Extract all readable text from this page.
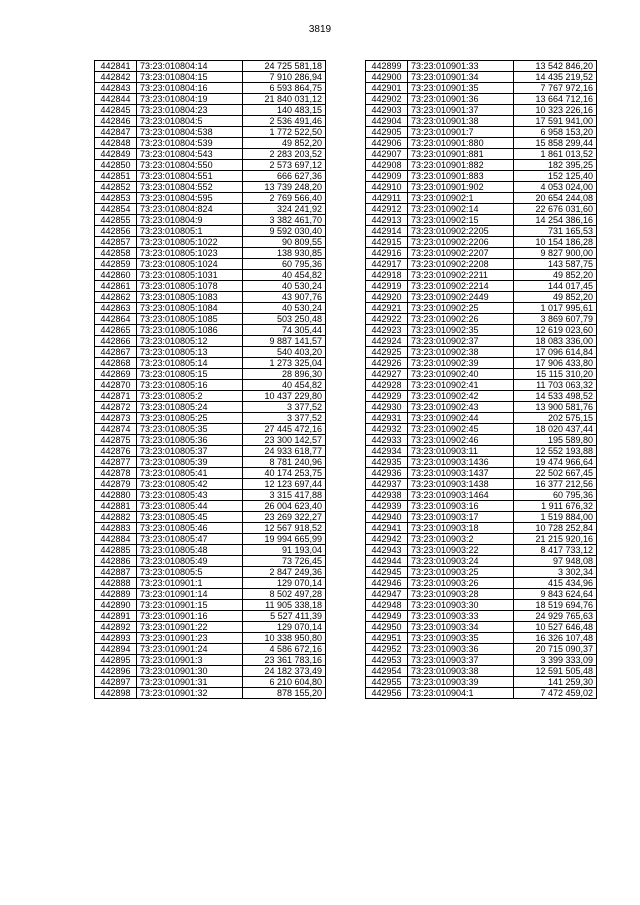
3819
442841	73:23:010804:14	24 725 581,18
442842	73:23:010804:15	7 910 286,94
442843	73:23:010804:16	6 593 864,75
442844	73:23:010804:19	21 840 031,12
442845	73:23:010804:23	140 483,15
442846	73:23:010804:5	2 536 491,46
442847	73:23:010804:538	1 772 522,50
442848	73:23:010804:539	49 852,20
442849	73:23:010804:543	2 283 203,52
442850	73:23:010804:550	2 573 697,12
442851	73:23:010804:551	666 627,36
442852	73:23:010804:552	13 739 248,20
442853	73:23:010804:595	2 769 566,40
442854	73:23:010804:824	324 241,92
442855	73:23:010804:9	3 382 461,70
442856	73:23:010805:1	9 592 030,40
442857	73:23:010805:1022	90 809,55
442858	73:23:010805:1023	138 930,85
442859	73:23:010805:1024	60 795,36
442860	73:23:010805:1031	40 454,82
442861	73:23:010805:1078	40 530,24
442862	73:23:010805:1083	43 907,76
442863	73:23:010805:1084	40 530,24
442864	73:23:010805:1085	503 250,48
442865	73:23:010805:1086	74 305,44
442866	73:23:010805:12	9 887 141,57
442867	73:23:010805:13	540 403,20
442868	73:23:010805:14	1 273 325,04
442869	73:23:010805:15	28 896,30
442870	73:23:010805:16	40 454,82
442871	73:23:010805:2	10 437 229,80
442872	73:23:010805:24	3 377,52
442873	73:23:010805:25	3 377,52
442874	73:23:010805:35	27 445 472,16
442875	73:23:010805:36	23 300 142,57
442876	73:23:010805:37	24 933 618,77
442877	73:23:010805:39	8 781 240,96
442878	73:23:010805:41	40 174 253,75
442879	73:23:010805:42	12 123 697,44
442880	73:23:010805:43	3 315 417,88
442881	73:23:010805:44	26 004 623,40
442882	73:23:010805:45	23 269 322,27
442883	73:23:010805:46	12 567 918,52
442884	73:23:010805:47	19 994 665,99
442885	73:23:010805:48	91 193,04
442886	73:23:010805:49	73 726,45
442887	73:23:010805:5	2 847 249,36
442888	73:23:010901:1	129 070,14
442889	73:23:010901:14	8 502 497,28
442890	73:23:010901:15	11 905 338,18
442891	73:23:010901:16	5 527 411,39
442892	73:23:010901:22	129 070,14
442893	73:23:010901:23	10 338 950,80
442894	73:23:010901:24	4 586 672,16
442895	73:23:010901:3	23 361 783,16
442896	73:23:010901:30	24 182 373,49
442897	73:23:010901:31	6 210 604,80
442898	73:23:010901:32	878 155,20
442899	73:23:010901:33	13 542 846,20
442900	73:23:010901:34	14 435 219,52
442901	73:23:010901:35	7 767 972,16
442902	73:23:010901:36	13 664 712,16
442903	73:23:010901:37	10 323 226,16
442904	73:23:010901:38	17 591 941,00
442905	73:23:010901:7	6 958 153,20
442906	73:23:010901:880	15 858 299,44
442907	73:23:010901:881	1 861 013,52
442908	73:23:010901:882	182 395,25
442909	73:23:010901:883	152 125,40
442910	73:23:010901:902	4 053 024,00
442911	73:23:010902:1	20 654 244,08
442912	73:23:010902:14	22 676 031,60
442913	73:23:010902:15	14 254 386,16
442914	73:23:010902:2205	731 165,53
442915	73:23:010902:2206	10 154 186,28
442916	73:23:010902:2207	9 827 900,00
442917	73:23:010902:2208	143 587,75
442918	73:23:010902:2211	49 852,20
442919	73:23:010902:2214	144 017,45
442920	73:23:010902:2449	49 852,20
442921	73:23:010902:25	1 017 995,61
442922	73:23:010902:26	3 869 607,79
442923	73:23:010902:35	12 619 023,60
442924	73:23:010902:37	18 083 336,00
442925	73:23:010902:38	17 096 614,84
442926	73:23:010902:39	17 906 433,80
442927	73:23:010902:40	15 115 310,20
442928	73:23:010902:41	11 703 063,32
442929	73:23:010902:42	14 533 498,52
442930	73:23:010902:43	13 900 581,76
442931	73:23:010902:44	202 575,15
442932	73:23:010902:45	18 020 437,44
442933	73:23:010902:46	195 589,80
442934	73:23:010903:11	12 552 193,88
442935	73:23:010903:1436	19 474 966,64
442936	73:23:010903:1437	22 502 667,45
442937	73:23:010903:1438	16 377 212,56
442938	73:23:010903:1464	60 795,36
442939	73:23:010903:16	1 911 676,32
442940	73:23:010903:17	1 519 884,00
442941	73:23:010903:18	10 728 252,84
442942	73:23:010903:2	21 215 920,16
442943	73:23:010903:22	8 417 733,12
442944	73:23:010903:24	97 948,08
442945	73:23:010903:25	3 302,34
442946	73:23:010903:26	415 434,96
442947	73:23:010903:28	9 843 624,64
442948	73:23:010903:30	18 519 694,76
442949	73:23:010903:33	24 929 765,63
442950	73:23:010903:34	10 527 646,48
442951	73:23:010903:35	16 326 107,48
442952	73:23:010903:36	20 715 090,37
442953	73:23:010903:37	3 399 333,09
442954	73:23:010903:38	12 591 505,48
442955	73:23:010903:39	141 259,30
442956	73:23:010904:1	7 472 459,02
